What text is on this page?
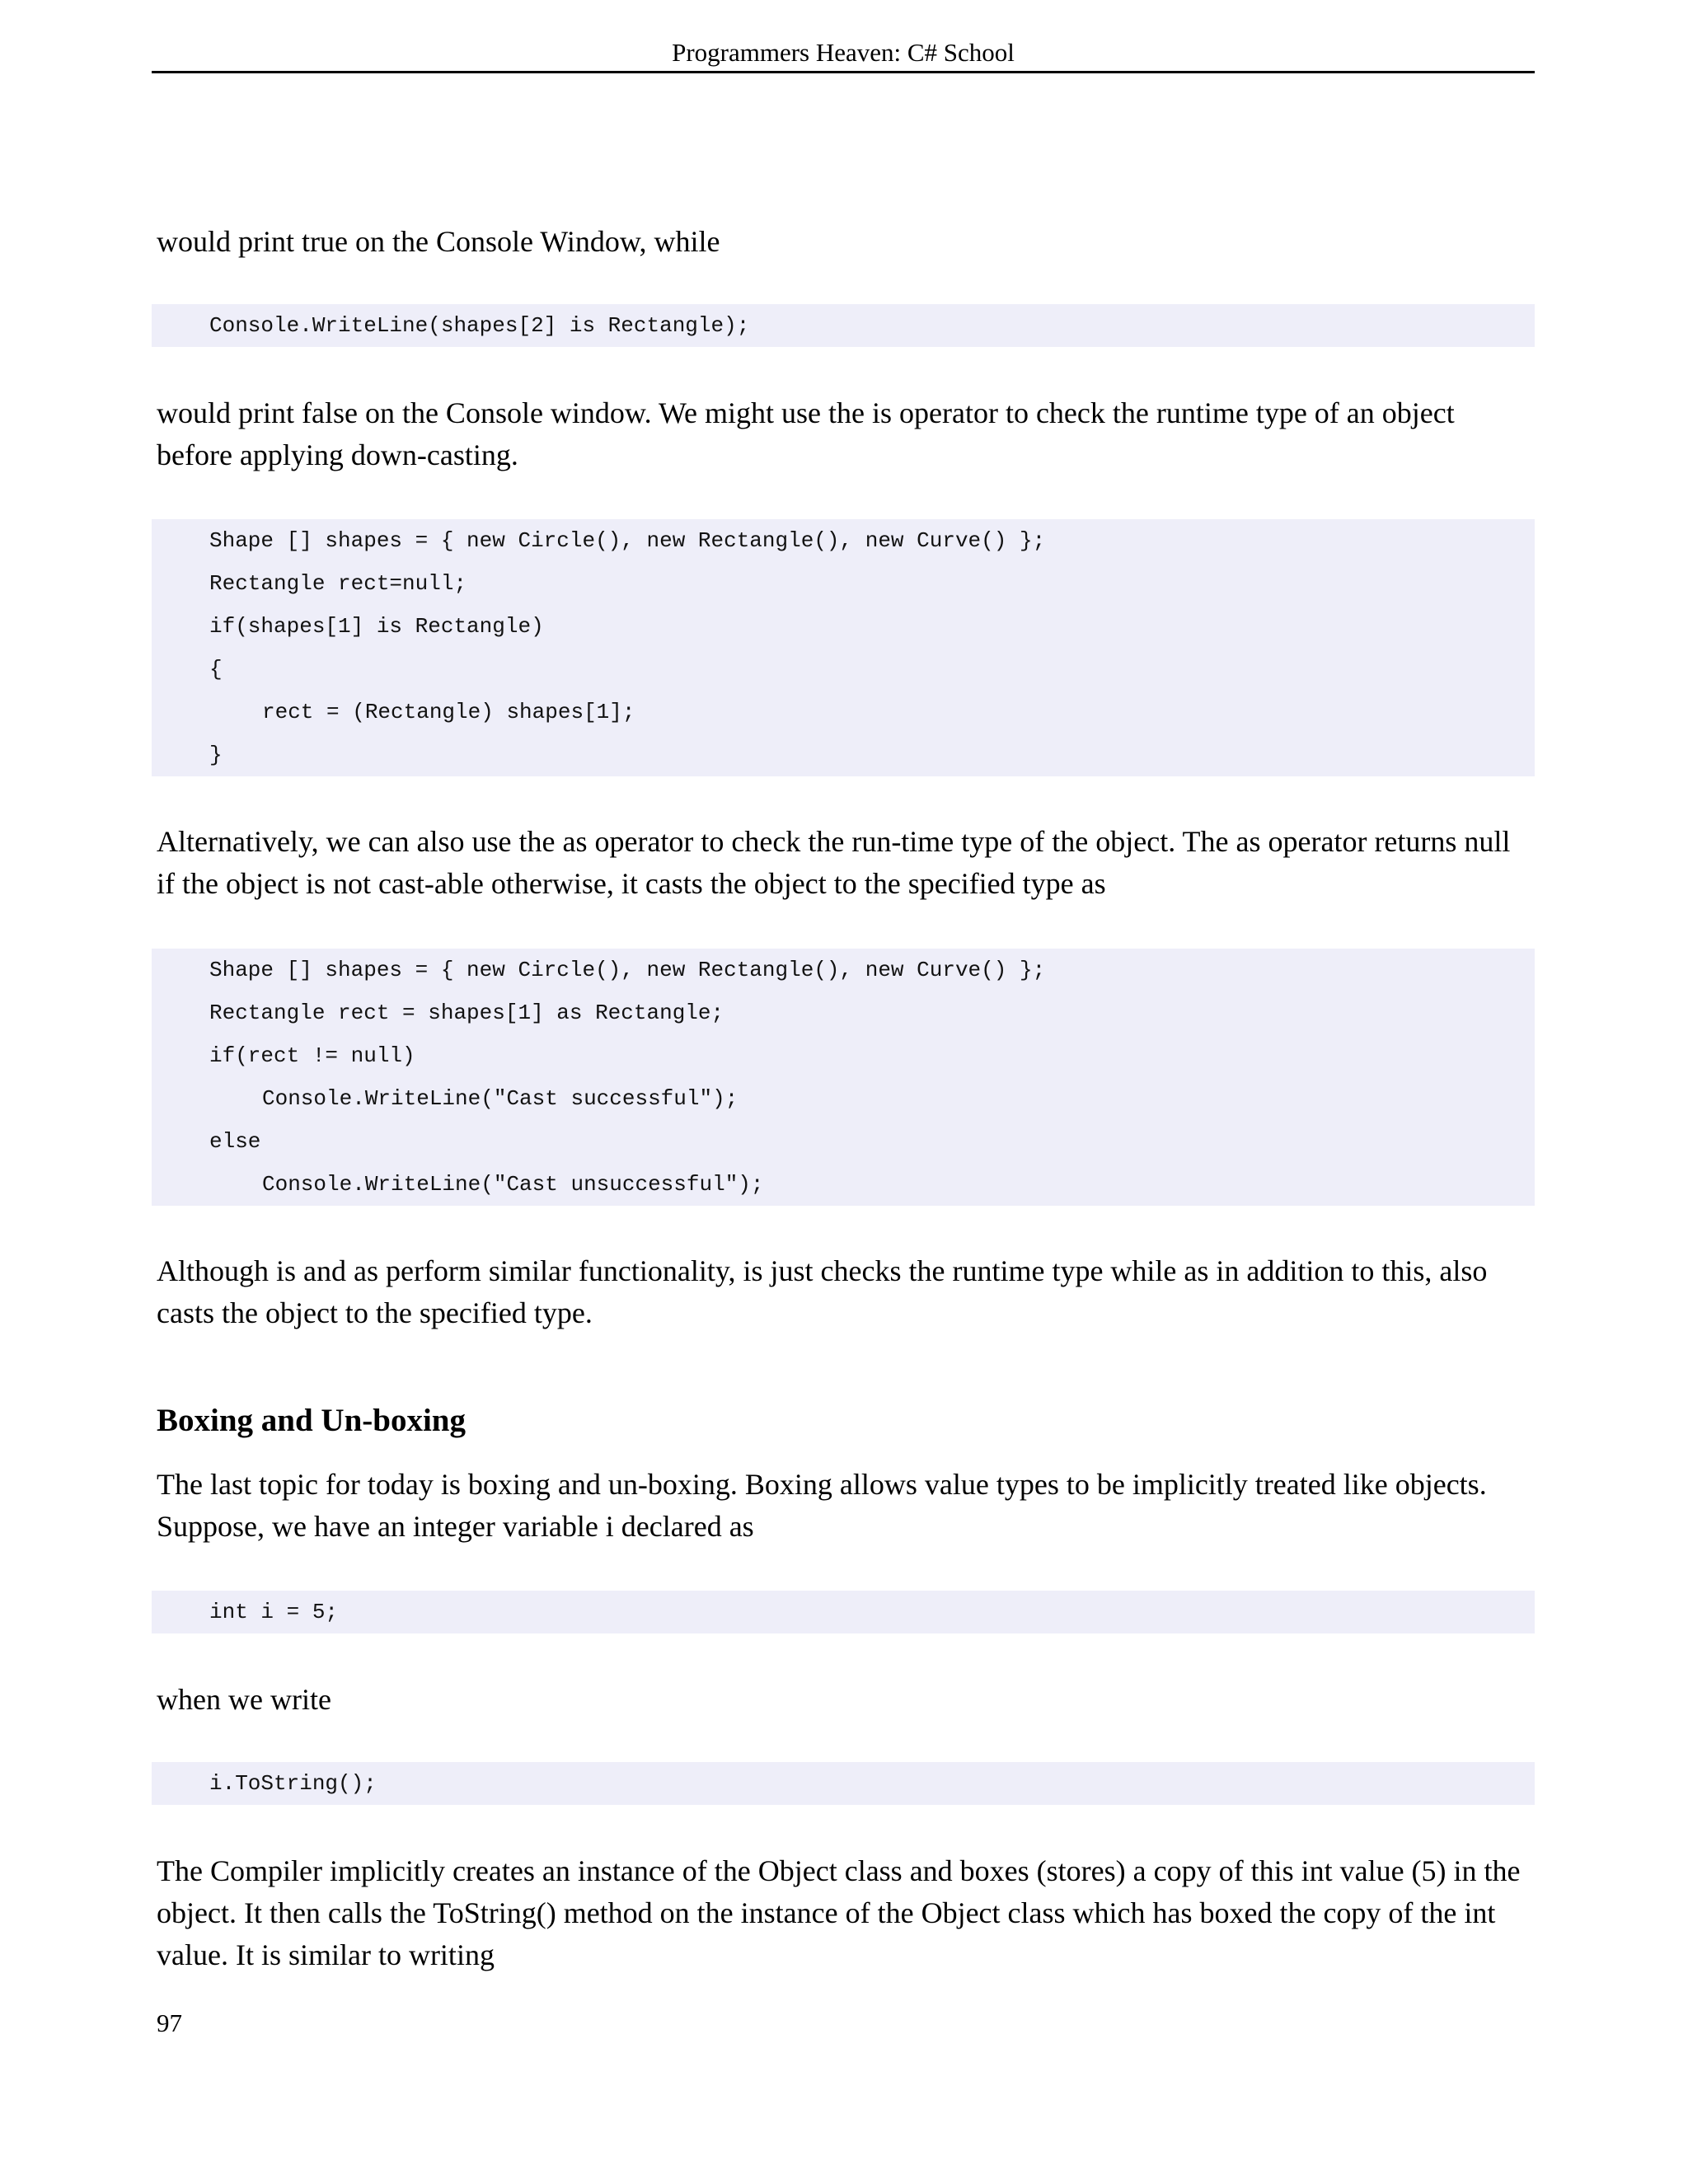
Programmers Heaven: C# School

would print true on the Console Window, while

Console.WriteLine(shapes[2] is Rectangle);

would print false on the Console window. We might use the is operator to check the runtime type of an object before applying down-casting.

Shape [] shapes = { new Circle(), new Rectangle(), new Curve() };
Rectangle rect=null;
if(shapes[1] is Rectangle)
{
rect = (Rectangle) shapes[1];
}

Alternatively, we can also use the as operator to check the run-time type of the object. The as operator returns null if the object is not cast-able otherwise, it casts the object to the specified type as

Shape [] shapes = { new Circle(), new Rectangle(), new Curve() };
Rectangle rect = shapes[1] as Rectangle;
if(rect != null)
Console.WriteLine("Cast successful");
else
Console.WriteLine("Cast unsuccessful");

Although is and as perform similar functionality, is just checks the runtime type while as in addition to this, also casts the object to the specified type.

Boxing and Un-boxing

The last topic for today is boxing and un-boxing. Boxing allows value types to be implicitly treated like objects. Suppose, we have an integer variable i declared as

int i = 5;

when we write

i.ToString();

The Compiler implicitly creates an instance of the Object class and boxes (stores) a copy of this int value (5) in the object. It then calls the ToString() method on the instance of the Object class which has boxed the copy of the int value. It is similar to writing

97
